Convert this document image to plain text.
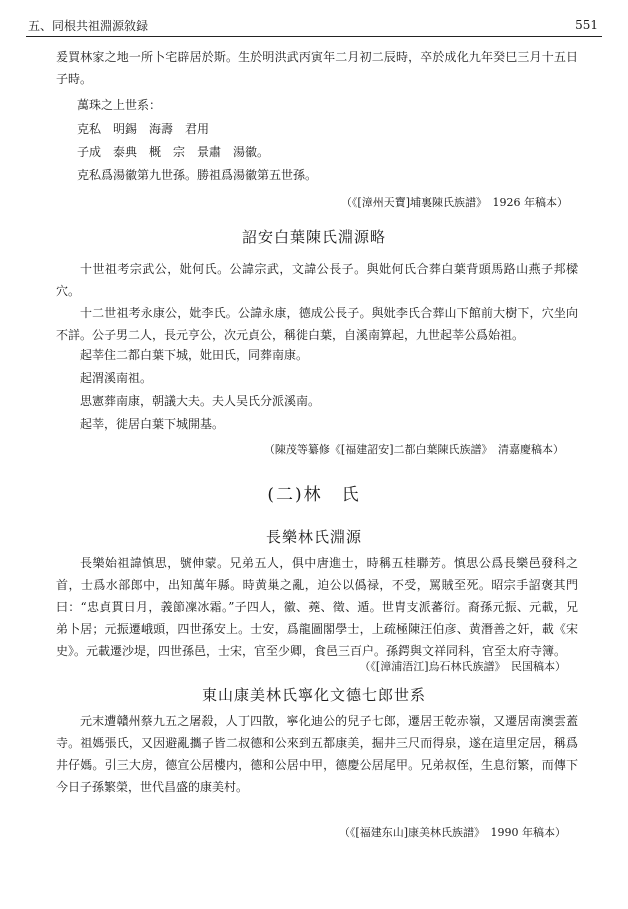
五、同根共祖淵源敘録	551

爰買林家之地一所卜宅辟居於斯。生於明洪武丙寅年二月初二辰時，卒於成化九年癸巳三月十五日子時。

萬珠之上世系：

克私　明錫　海壽　君用

子成　泰典　概　宗　景肅　湯徽。

克私爲湯徽第九世孫。勝祖爲湯徽第五世孫。

（《[漳州天寶]埔裏陳氏族譜》　1926 年稿本）
詔安白葉陳氏淵源略

十世祖考宗武公，妣何氏。公諱宗武，文諱公長子。與妣何氏合葬白葉背頭馬路山燕子邦樑穴。

十二世祖考永康公，妣李氏。公諱永康，德成公長子。與妣李氏合葬山下館前大樹下，穴坐向不詳。公子男二人，長元亨公，次元貞公，稱徙白葉，自溪南算起，九世起莘公爲始祖。

起莘住二都白葉下城，妣田氏，同葬南康。

起渭溪南祖。

思憲葬南康，朝議大夫。夫人吴氏分派溪南。

起莘，徙居白葉下城開基。

（陳茂等纂修《[福建詔安]二都白葉陳氏族譜》　清嘉慶稿本）
(二)林　氏
長樂林氏淵源

長樂始祖諱慎思，號伸蒙。兄弟五人，俱中唐進士，時稱五桂聯芳。慎思公爲長樂邑發科之首，士爲水部郎中，出知萬年縣。時黄巢之亂，迫公以僞禄，不受，罵賊至死。昭宗手詔褒其門曰：“忠貞貫日月，義節凜冰霜。”子四人，徽、蕘、徵、遁。世胄支派蕃衍。裔孫元振、元載，兄弟卜居；元振遷峨頭，四世孫安上。士安，爲龍圖閣學士，上疏極陳汪伯彦、黄潛善之奸，載《宋史》。元載遷沙堤，四世孫邑，士宋，官至少卿，食邑三百户。孫鍔與文祥同科，官至太府寺簿。

（《[漳浦浯江]烏石林氏族譜》　民国稿本）
東山康美林氏寧化文德七郎世系

元末遭贛州蔡九五之屠殺，人丁四散，寧化迪公的兒子七郎，遷居王乾赤嶺，又遷居南澳雲蓋寺。祖媽張氏，又因避亂攜子皆二叔德和公來到五都康美，掘井三尺而得泉，遂在這里定居，稱爲井仔媽。引三大房，德宣公居樓内，德和公居中甲，德慶公居尾甲。兄弟叔侄，生息衍繁，而傳下今日子孫繁榮，世代昌盛的康美村。

（《[福建东山]康美林氏族譜》　1990 年稿本）
